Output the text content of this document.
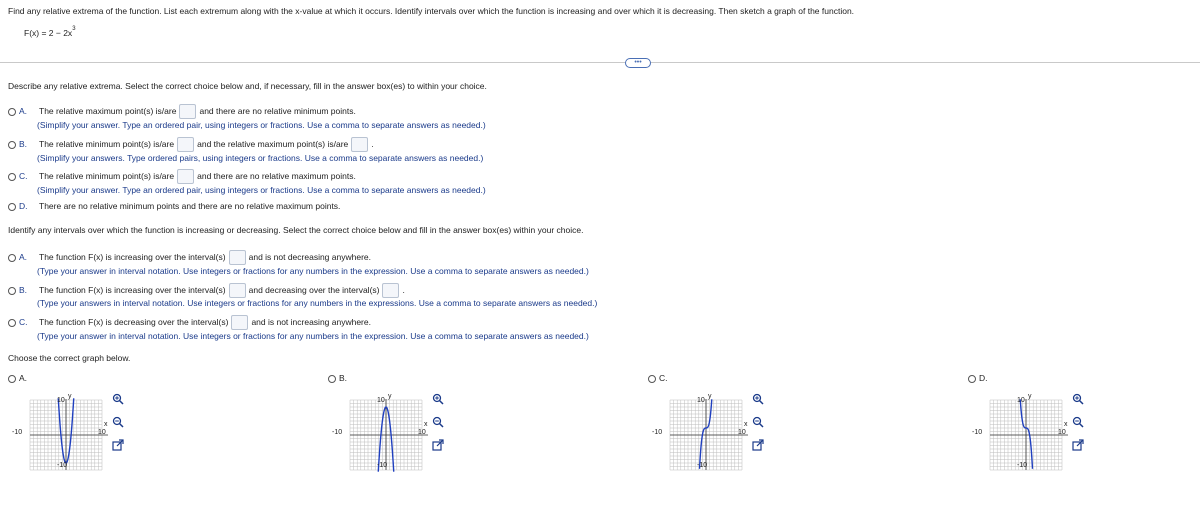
Find any relative extrema of the function. List each extremum along with the x-value at which it occurs. Identify intervals over which the function is increasing and over which it is decreasing. Then sketch a graph of the function.
$F(x) = 2 - 2x^3$
•••
Describe any relative extrema. Select the correct choice below and, if necessary, fill in the answer box(es) to within your choice.
A. The relative maximum point(s) is/are	and there are no relative minimum points.
(Simplify your answer. Type an ordered pair, using integers or fractions. Use a comma to separate answers as needed.)
B. The relative minimum point(s) is/are	and the relative maximum point(s) is/are	.
(Simplify your answers. Type ordered pairs, using integers or fractions. Use a comma to separate answers as needed.)
C. The relative minimum point(s) is/are	and there are no relative maximum points.
(Simplify your answer. Type an ordered pair, using integers or fractions. Use a comma to separate answers as needed.)
D. There are no relative minimum points and there are no relative maximum points.
Identify any intervals over which the function is increasing or decreasing. Select the correct choice below and fill in the answer box(es) within your choice.
A. The function F(x) is increasing over the interval(s)	and is not decreasing anywhere.
(Type your answer in interval notation. Use integers or fractions for any numbers in the expression. Use a comma to separate answers as needed.)
B. The function F(x) is increasing over the interval(s)	and decreasing over the interval(s)	.
(Type your answers in interval notation. Use integers or fractions for any numbers in the expressions. Use a comma to separate answers as needed.)
C. The function F(x) is decreasing over the interval(s)	and is not increasing anywhere.
(Type your answer in interval notation. Use integers or fractions for any numbers in the expression. Use a comma to separate answers as needed.)
Choose the correct graph below.
A.	B.	C.	D.
10
-10
-10	10
x
y
10
-10
-10	10
x
y
10
-10
-10	10
x
y
10
-10
-10	10
x
y
